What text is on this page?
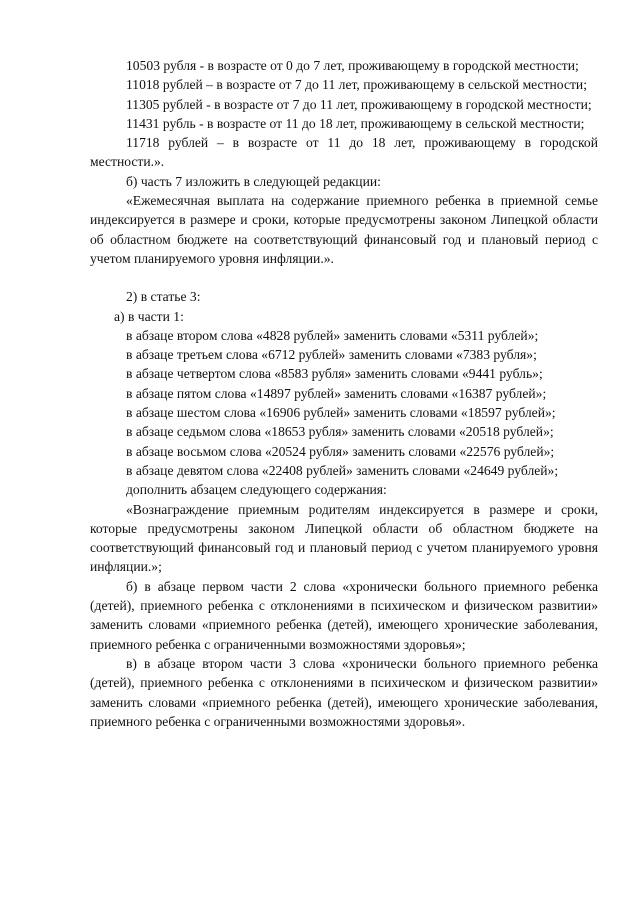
10503 рубля - в возрасте от 0 до 7 лет, проживающему в городской местности;

11018 рублей – в возрасте от 7 до 11 лет, проживающему в сельской местности;

11305 рублей - в возрасте от 7 до 11 лет, проживающему в городской местности;

11431 рубль - в возрасте от 11 до 18 лет, проживающему в сельской местности;

11718 рублей – в возрасте от 11 до 18 лет, проживающему в городской местности.».

б) часть 7 изложить в следующей редакции:

«Ежемесячная выплата на содержание приемного ребенка в приемной семье индексируется в размере и сроки, которые предусмотрены законом Липецкой области об областном бюджете на соответствующий финансовый год и плановый период с учетом планируемого уровня инфляции.».

2) в статье 3:

а) в части 1:

в абзаце втором слова «4828 рублей» заменить словами «5311 рублей»;

в абзаце третьем слова «6712 рублей» заменить словами «7383 рубля»;

в абзаце четвертом слова «8583 рубля» заменить словами «9441 рубль»;

в абзаце пятом слова «14897 рублей» заменить словами «16387 рублей»;

в абзаце шестом слова «16906 рублей» заменить словами «18597 рублей»;

в абзаце седьмом слова «18653 рубля» заменить словами «20518 рублей»;

в абзаце восьмом слова «20524 рубля» заменить словами «22576 рублей»;

в абзаце девятом слова «22408 рублей» заменить словами «24649 рублей»;

дополнить абзацем следующего содержания:

«Вознаграждение приемным родителям индексируется в размере и сроки, которые предусмотрены законом Липецкой области об областном бюджете на соответствующий финансовый год и плановый период с учетом планируемого уровня инфляции.»;

б) в абзаце первом части 2 слова «хронически больного приемного ребенка (детей), приемного ребенка с отклонениями в психическом и физическом развитии» заменить словами «приемного ребенка (детей), имеющего хронические заболевания, приемного ребенка с ограниченными возможностями здоровья»;

в) в абзаце втором части 3 слова «хронически больного приемного ребенка (детей), приемного ребенка с отклонениями в психическом и физическом развитии» заменить словами «приемного ребенка (детей), имеющего хронические заболевания, приемного ребенка с ограниченными возможностями здоровья».
